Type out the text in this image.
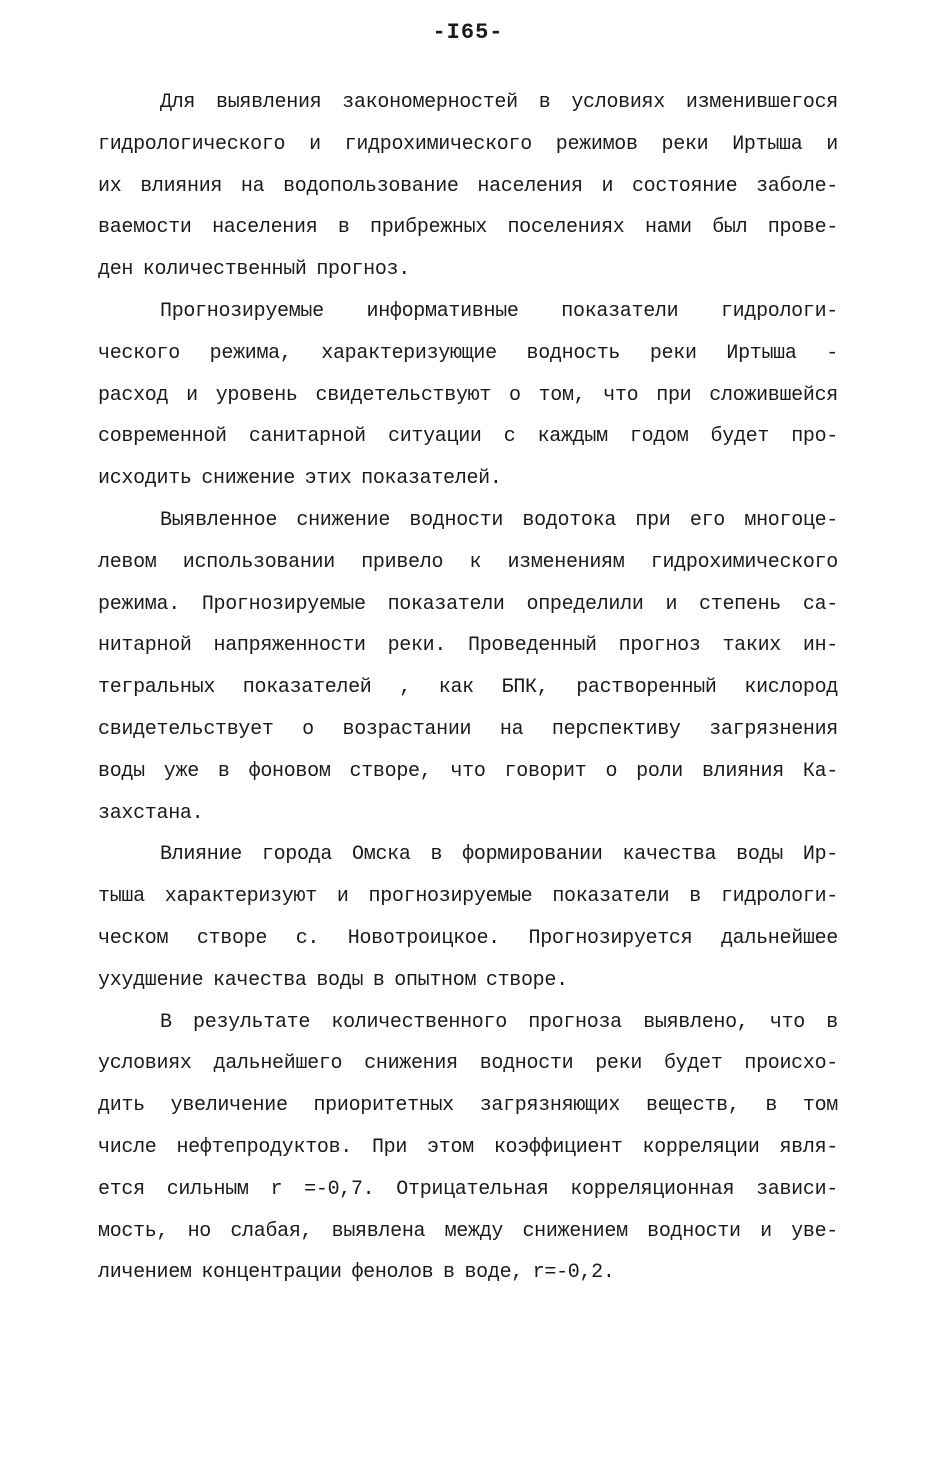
-I65-
Для выявления закономерностей в условиях изменившегося
гидрологического и гидрохимического режимов реки Иртыша и
их влияния на водопользование населения и состояние заболе-
ваемости населения в прибрежных поселениях нами был прове-
ден количественный прогноз.
Прогнозируемые информативные показатели гидрологи-
ческого режима, характеризующие водность реки Иртыша -
расход и уровень свидетельствуют о том, что при сложившейся
современной санитарной ситуации с каждым годом будет про-
исходить снижение этих показателей.
Выявленное снижение водности водотока при его многоце-
левом использовании привело к изменениям гидрохимического
режима. Прогнозируемые показатели определили и степень са-
нитарной напряженности реки. Проведенный прогноз таких ин-
тегральных показателей , как БПК, растворенный кислород
свидетельствует о возрастании на перспективу загрязнения
воды уже в фоновом створе, что говорит о роли влияния Ка-
захстана.
Влияние города Омска в формировании качества воды Ир-
тыша характеризуют и прогнозируемые показатели в гидрологи-
ческом створе с. Новотроицкое. Прогнозируется дальнейшее
ухудшение качества воды в опытном створе.
В результате количественного прогноза выявлено, что в
условиях дальнейшего снижения водности реки будет происхо-
дить увеличение приоритетных загрязняющих веществ, в том
числе нефтепродуктов. При этом коэффициент корреляции явля-
ется сильным r =-0,7. Отрицательная корреляционная зависи-
мость, но слабая, выявлена между снижением водности и уве-
личением концентрации фенолов в воде, r=-0,2.
